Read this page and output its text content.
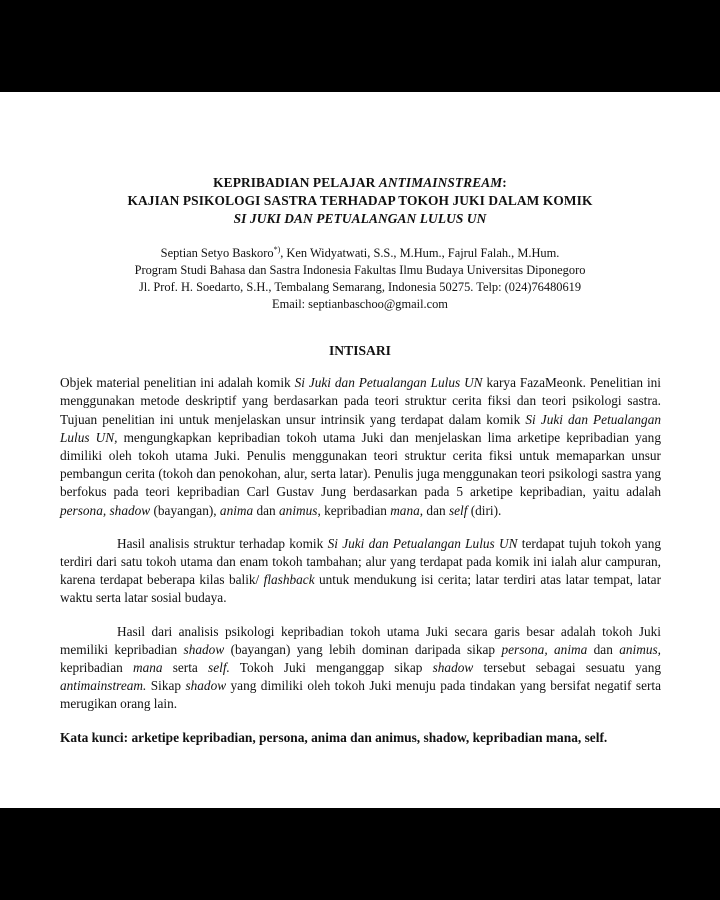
KEPRIBADIAN PELAJAR ANTIMAINSTREAM:
KAJIAN PSIKOLOGI SASTRA TERHADAP TOKOH JUKI DALAM KOMIK
SI JUKI DAN PETUALANGAN LULUS UN
Septian Setyo Baskoro*), Ken Widyatwati, S.S., M.Hum., Fajrul Falah., M.Hum.
Program Studi Bahasa dan Sastra Indonesia Fakultas Ilmu Budaya Universitas Diponegoro
Jl. Prof. H. Soedarto, S.H., Tembalang Semarang, Indonesia 50275. Telp: (024)76480619
Email: septianbaschoo@gmail.com
INTISARI

Objek material penelitian ini adalah komik Si Juki dan Petualangan Lulus UN karya FazaMeonk. Penelitian ini menggunakan metode deskriptif yang berdasarkan pada teori struktur cerita fiksi dan teori psikologi sastra. Tujuan penelitian ini untuk menjelaskan unsur intrinsik yang terdapat dalam komik Si Juki dan Petualangan Lulus UN, mengungkapkan kepribadian tokoh utama Juki dan menjelaskan lima arketipe kepribadian yang dimiliki oleh tokoh utama Juki. Penulis menggunakan teori struktur cerita fiksi untuk memaparkan unsur pembangun cerita (tokoh dan penokohan, alur, serta latar). Penulis juga menggunakan teori psikologi sastra yang berfokus pada teori kepribadian Carl Gustav Jung berdasarkan pada 5 arketipe kepribadian, yaitu adalah persona, shadow (bayangan), anima dan animus, kepribadian mana, dan self (diri).

Hasil analisis struktur terhadap komik Si Juki dan Petualangan Lulus UN terdapat tujuh tokoh yang terdiri dari satu tokoh utama dan enam tokoh tambahan; alur yang terdapat pada komik ini ialah alur campuran, karena terdapat beberapa kilas balik/ flashback untuk mendukung isi cerita; latar terdiri atas latar tempat, latar waktu serta latar sosial budaya.

Hasil dari analisis psikologi kepribadian tokoh utama Juki secara garis besar adalah tokoh Juki memiliki kepribadian shadow (bayangan) yang lebih dominan daripada sikap persona, anima dan animus, kepribadian mana serta self. Tokoh Juki menganggap sikap shadow tersebut sebagai sesuatu yang antimainstream. Sikap shadow yang dimiliki oleh tokoh Juki menuju pada tindakan yang bersifat negatif serta merugikan orang lain.

Kata kunci: arketipe kepribadian, persona, anima dan animus, shadow, kepribadian mana, self.
